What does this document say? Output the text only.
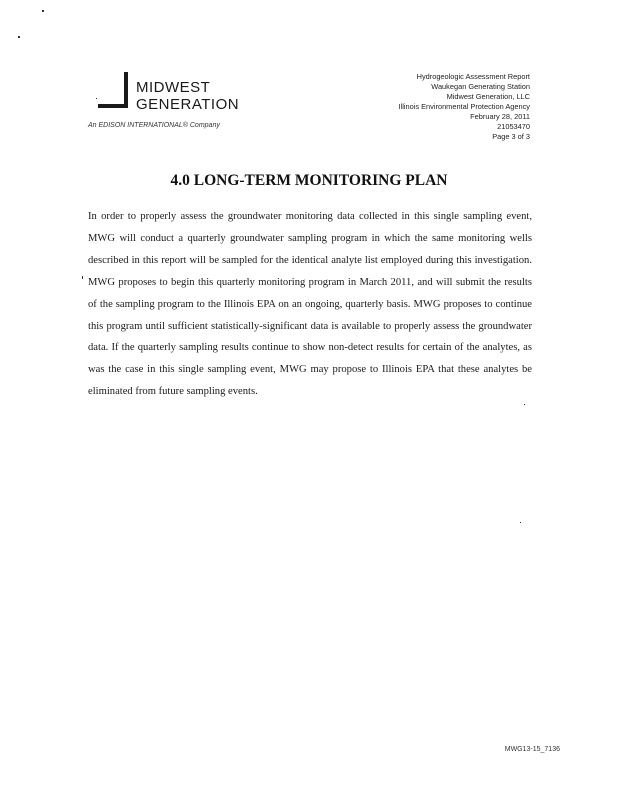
MIDWEST
GENERATION
An EDISON INTERNATIONAL® Company
Hydrogeologic Assessment Report
Waukegan Generating Station
Midwest Generation, LLC
Illinois Environmental Protection Agency
February 28, 2011
21053470
Page 3 of 3
4.0 LONG-TERM MONITORING PLAN
In order to properly assess the groundwater monitoring data collected in this single sampling event, MWG will conduct a quarterly groundwater sampling program in which the same monitoring wells described in this report will be sampled for the identical analyte list employed during this investigation. MWG proposes to begin this quarterly monitoring program in March 2011, and will submit the results of the sampling program to the Illinois EPA on an ongoing, quarterly basis. MWG proposes to continue this program until sufficient statistically-significant data is available to properly assess the groundwater data. If the quarterly sampling results continue to show non-detect results for certain of the analytes, as was the case in this single sampling event, MWG may propose to Illinois EPA that these analytes be eliminated from future sampling events.
MWG13-15_7136
